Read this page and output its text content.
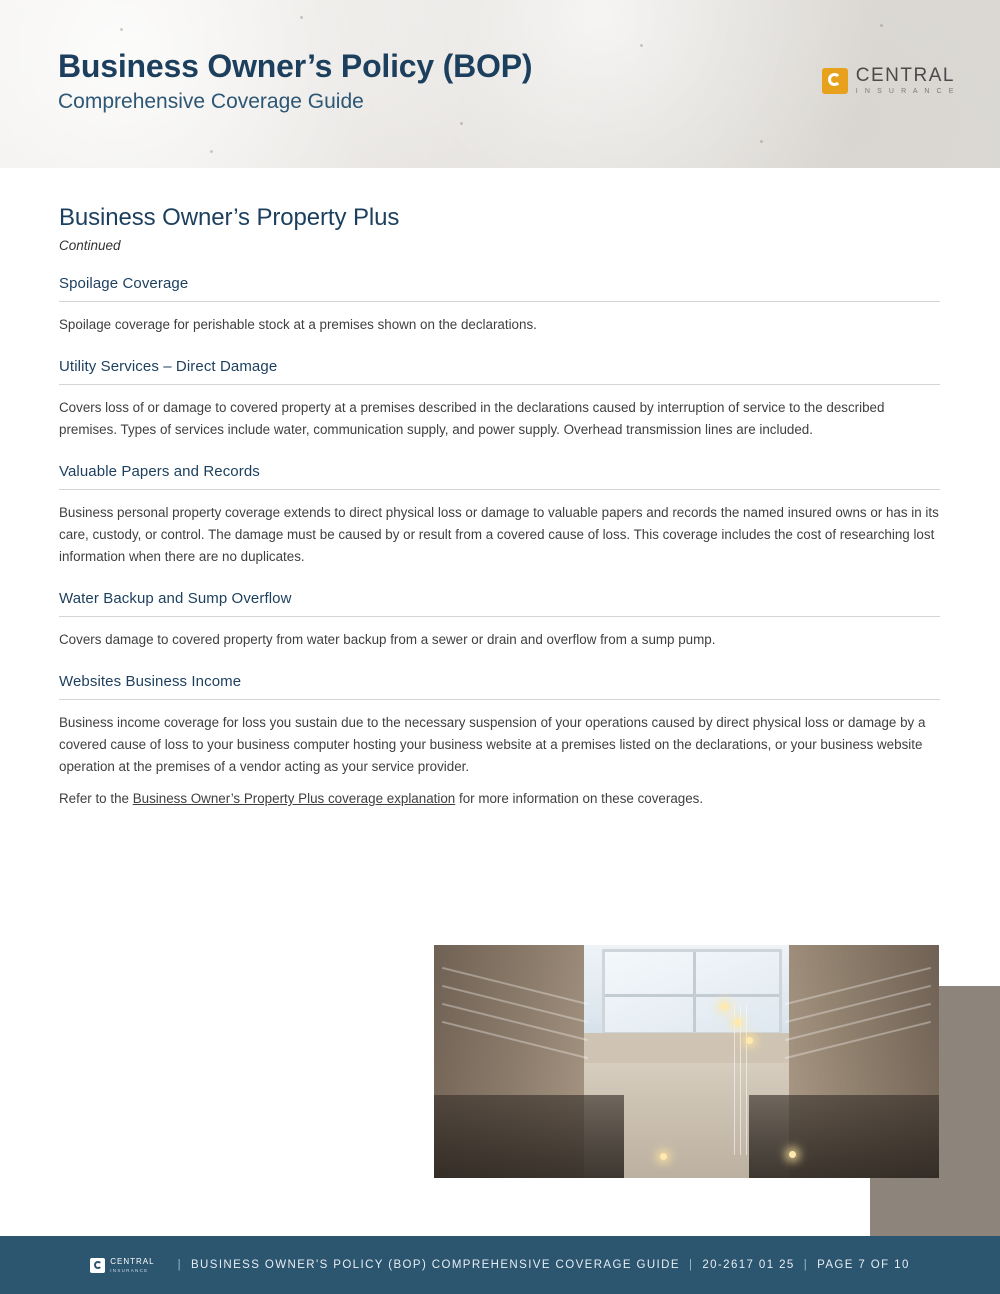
Business Owner’s Policy (BOP)
Comprehensive Coverage Guide
CENTRAL
I N S U R A N C E
Business Owner’s Property Plus
Continued
Spoilage Coverage

Spoilage coverage for perishable stock at a premises shown on the declarations.

Utility Services – Direct Damage

Covers loss of or damage to covered property at a premises described in the declarations caused by interruption of service to the described premises. Types of services include water, communication supply, and power supply. Overhead transmission lines are included.

Valuable Papers and Records

Business personal property coverage extends to direct physical loss or damage to valuable papers and records the named insured owns or has in its care, custody, or control. The damage must be caused by or result from a covered cause of loss. This coverage includes the cost of researching lost information when there are no duplicates.

Water Backup and Sump Overflow

Covers damage to covered property from water backup from a sewer or drain and overflow from a sump pump.

Websites Business Income

Business income coverage for loss you sustain due to the necessary suspension of your operations caused by direct physical loss or damage by a covered cause of loss to your business computer hosting your business website at a premises listed on the declarations, or your business website operation at the premises of a vendor acting as your service provider.

Refer to the Business Owner’s Property Plus coverage explanation for more information on these coverages.

CENTRAL
INSURANCE	| BUSINESS OWNER'S POLICY (BOP) COMPREHENSIVE COVERAGE GUIDE | 20-2617 01 25 | PAGE 7 OF 10
